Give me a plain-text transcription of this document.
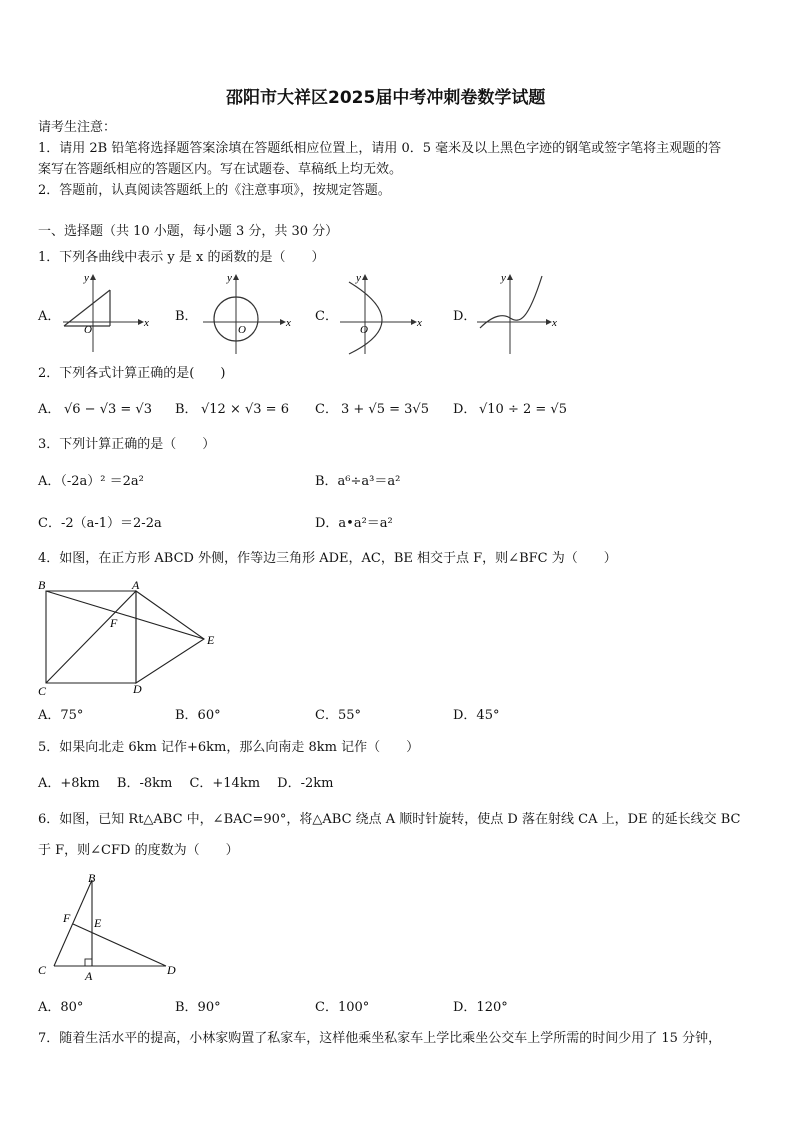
邵阳市大祥区2025届中考冲刺卷数学试题
请考生注意：
1．请用 2B 铅笔将选择题答案涂填在答题纸相应位置上，请用 0．5 毫米及以上黑色字迹的钢笔或签字笔将主观题的答
案写在答题纸相应的答题区内。写在试题卷、草稿纸上均无效。
2．答题前，认真阅读答题纸上的《注意事项》，按规定答题。
一、选择题（共 10 小题，每小题 3 分，共 30 分）
1．下列各曲线中表示 y 是 x 的函数的是（　　）
A．	B．	C．	D．
x
y
O
x
y
O
x
y
O
x
y
2．下列各式计算正确的是(　　)
A． √6 − √3 = √3 B． √12 × √3 = 6 C． 3 + √5 = 3√5 D． √10 ÷ 2 = √5
3．下列计算正确的是（　　）
A．（-2a）² ＝2a²	B．a⁶÷a³＝a²
C．-2（a-1）＝2-2a	D．a•a²＝a²
4．如图，在正方形 ABCD 外侧，作等边三角形 ADE，AC，BE 相交于点 F，则∠BFC 为（　　）
B	A
F
E
C	D
A．75°	B．60°	C．55°	D．45°
5．如果向北走 6km 记作+6km，那么向南走 8km 记作（　　）
A．+8km　 B．-8km　 C．+14km　 D．-2km
6．如图，已知 Rt△ABC 中，∠BAC=90°，将△ABC 绕点 A 顺时针旋转，使点 D 落在射线 CA 上，DE 的延长线交 BC
于 F，则∠CFD 的度数为（　　）
B
F E
C	A	D
A．80°	B．90°	C．100°	D．120°
7．随着生活水平的提高，小林家购置了私家车，这样他乘坐私家车上学比乘坐公交车上学所需的时间少用了 15 分钟，
